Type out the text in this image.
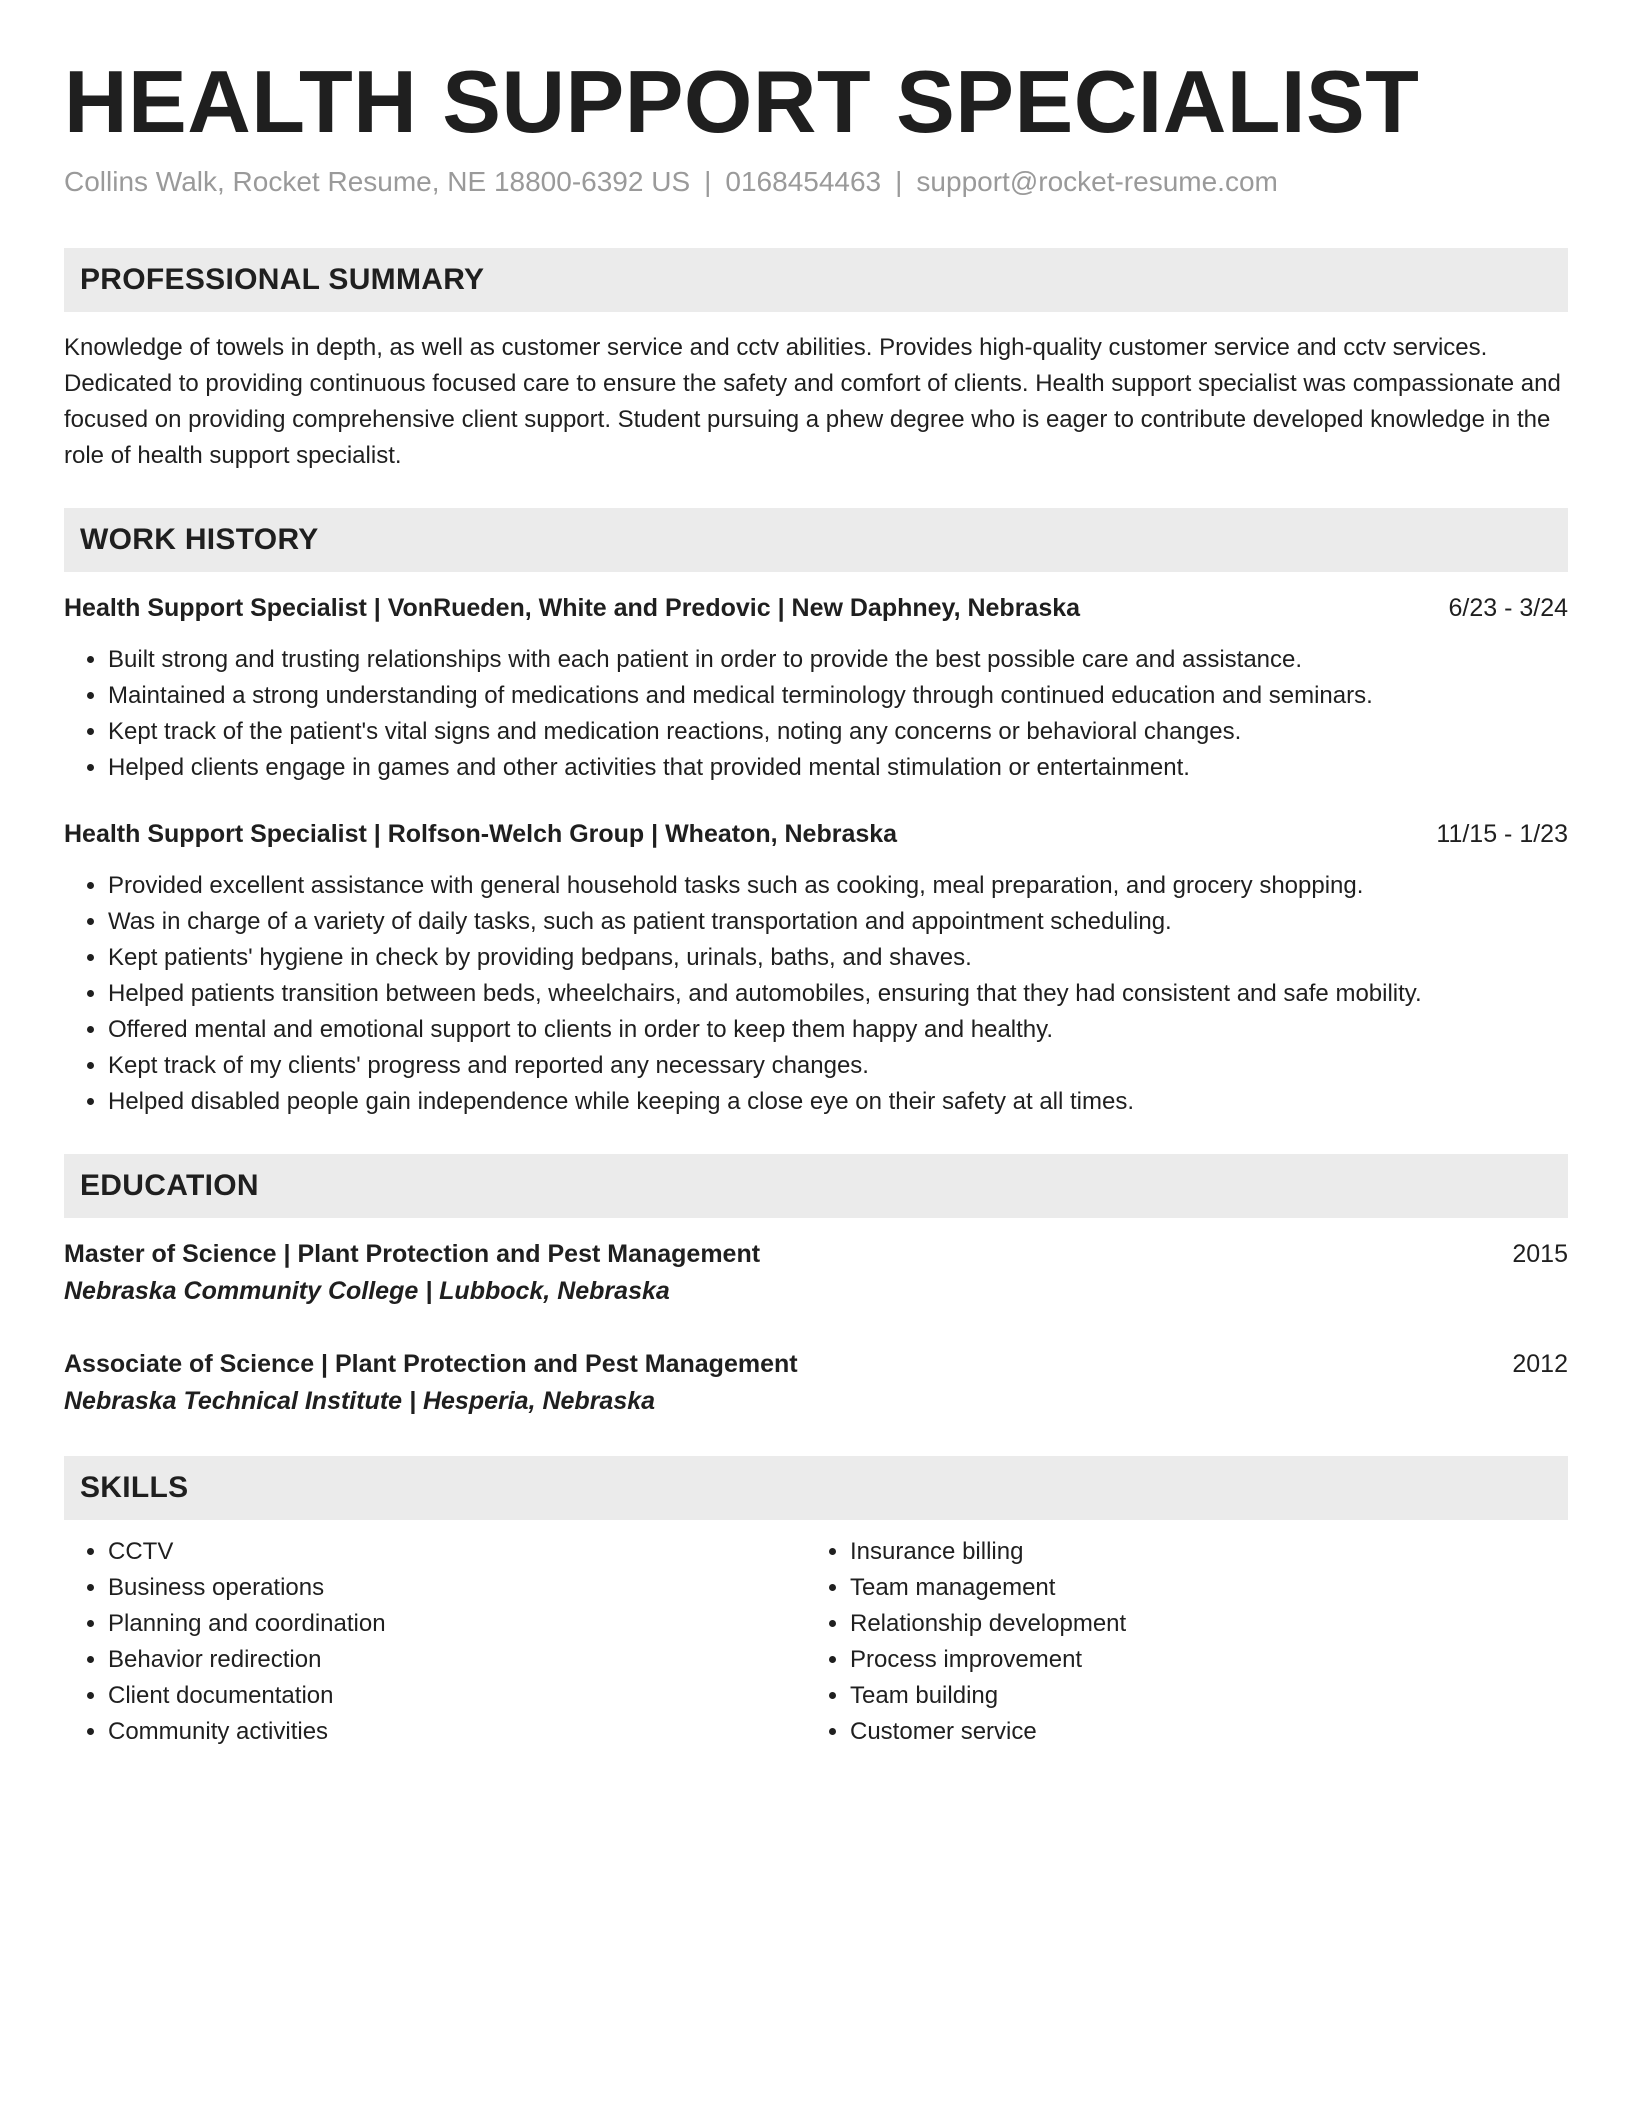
HEALTH SUPPORT SPECIALIST
Collins Walk, Rocket Resume, NE 18800-6392 US | 0168454463 | support@rocket-resume.com
PROFESSIONAL SUMMARY
Knowledge of towels in depth, as well as customer service and cctv abilities. Provides high-quality customer service and cctv services. Dedicated to providing continuous focused care to ensure the safety and comfort of clients. Health support specialist was compassionate and focused on providing comprehensive client support. Student pursuing a phew degree who is eager to contribute developed knowledge in the role of health support specialist.
WORK HISTORY
Health Support Specialist | VonRueden, White and Predovic | New Daphney, Nebraska	6/23 - 3/24
• Built strong and trusting relationships with each patient in order to provide the best possible care and assistance.
• Maintained a strong understanding of medications and medical terminology through continued education and seminars.
• Kept track of the patient's vital signs and medication reactions, noting any concerns or behavioral changes.
• Helped clients engage in games and other activities that provided mental stimulation or entertainment.
Health Support Specialist | Rolfson-Welch Group | Wheaton, Nebraska	11/15 - 1/23
• Provided excellent assistance with general household tasks such as cooking, meal preparation, and grocery shopping.
• Was in charge of a variety of daily tasks, such as patient transportation and appointment scheduling.
• Kept patients' hygiene in check by providing bedpans, urinals, baths, and shaves.
• Helped patients transition between beds, wheelchairs, and automobiles, ensuring that they had consistent and safe mobility.
• Offered mental and emotional support to clients in order to keep them happy and healthy.
• Kept track of my clients' progress and reported any necessary changes.
• Helped disabled people gain independence while keeping a close eye on their safety at all times.
EDUCATION
Master of Science | Plant Protection and Pest Management	2015
Nebraska Community College | Lubbock, Nebraska
Associate of Science | Plant Protection and Pest Management	2012
Nebraska Technical Institute | Hesperia, Nebraska
SKILLS
• CCTV
• Business operations
• Planning and coordination
• Behavior redirection
• Client documentation
• Community activities
• Insurance billing
• Team management
• Relationship development
• Process improvement
• Team building
• Customer service
